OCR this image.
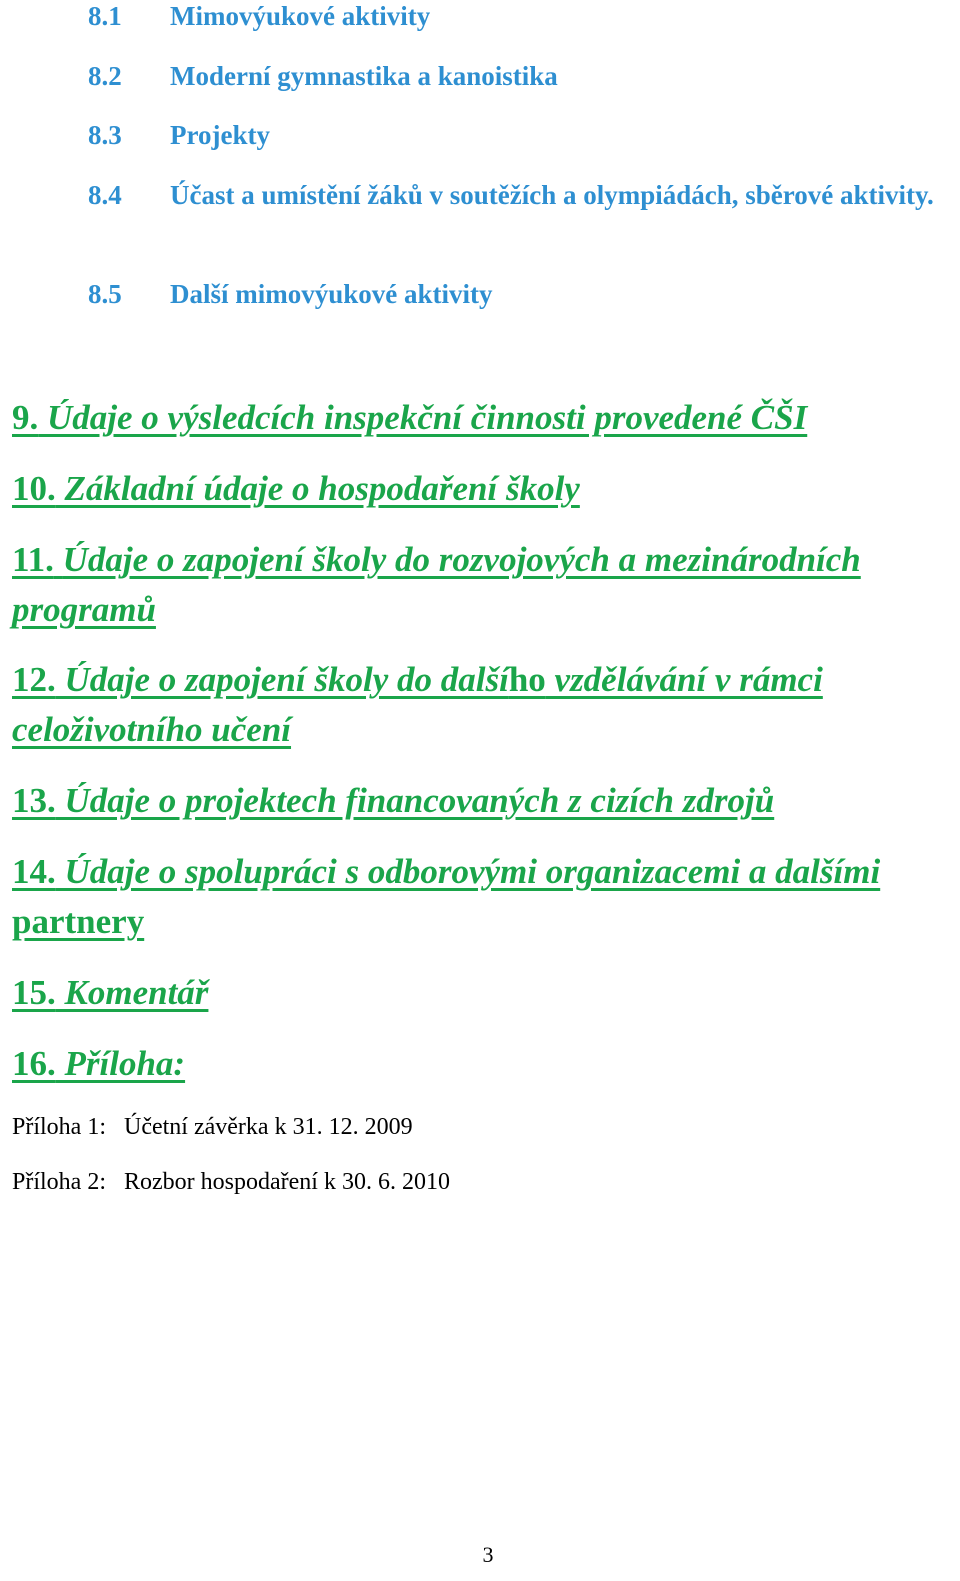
8.1	Mimovýukové aktivity
8.2	Moderní gymnastika a kanoistika
8.3	Projekty
8.4	Účast a umístění žáků v soutěžích a olympiádách, sběrové aktivity.
8.5	Další mimovýukové aktivity

9. Údaje o výsledcích inspekční činnosti provedené ČŠI

10. Základní údaje o hospodaření školy

11. Údaje o zapojení školy do rozvojových a mezinárodních programů

12. Údaje o zapojení školy do dalšího vzdělávání v rámci celoživotního učení

13. Údaje o projektech financovaných z cizích zdrojů

14. Údaje o spolupráci s odborovými organizacemi a dalšími partnery

15. Komentář

16. Příloha:

Příloha 1: Účetní závěrka k 31. 12. 2009
Příloha 2: Rozbor hospodaření k 30. 6. 2010
3
